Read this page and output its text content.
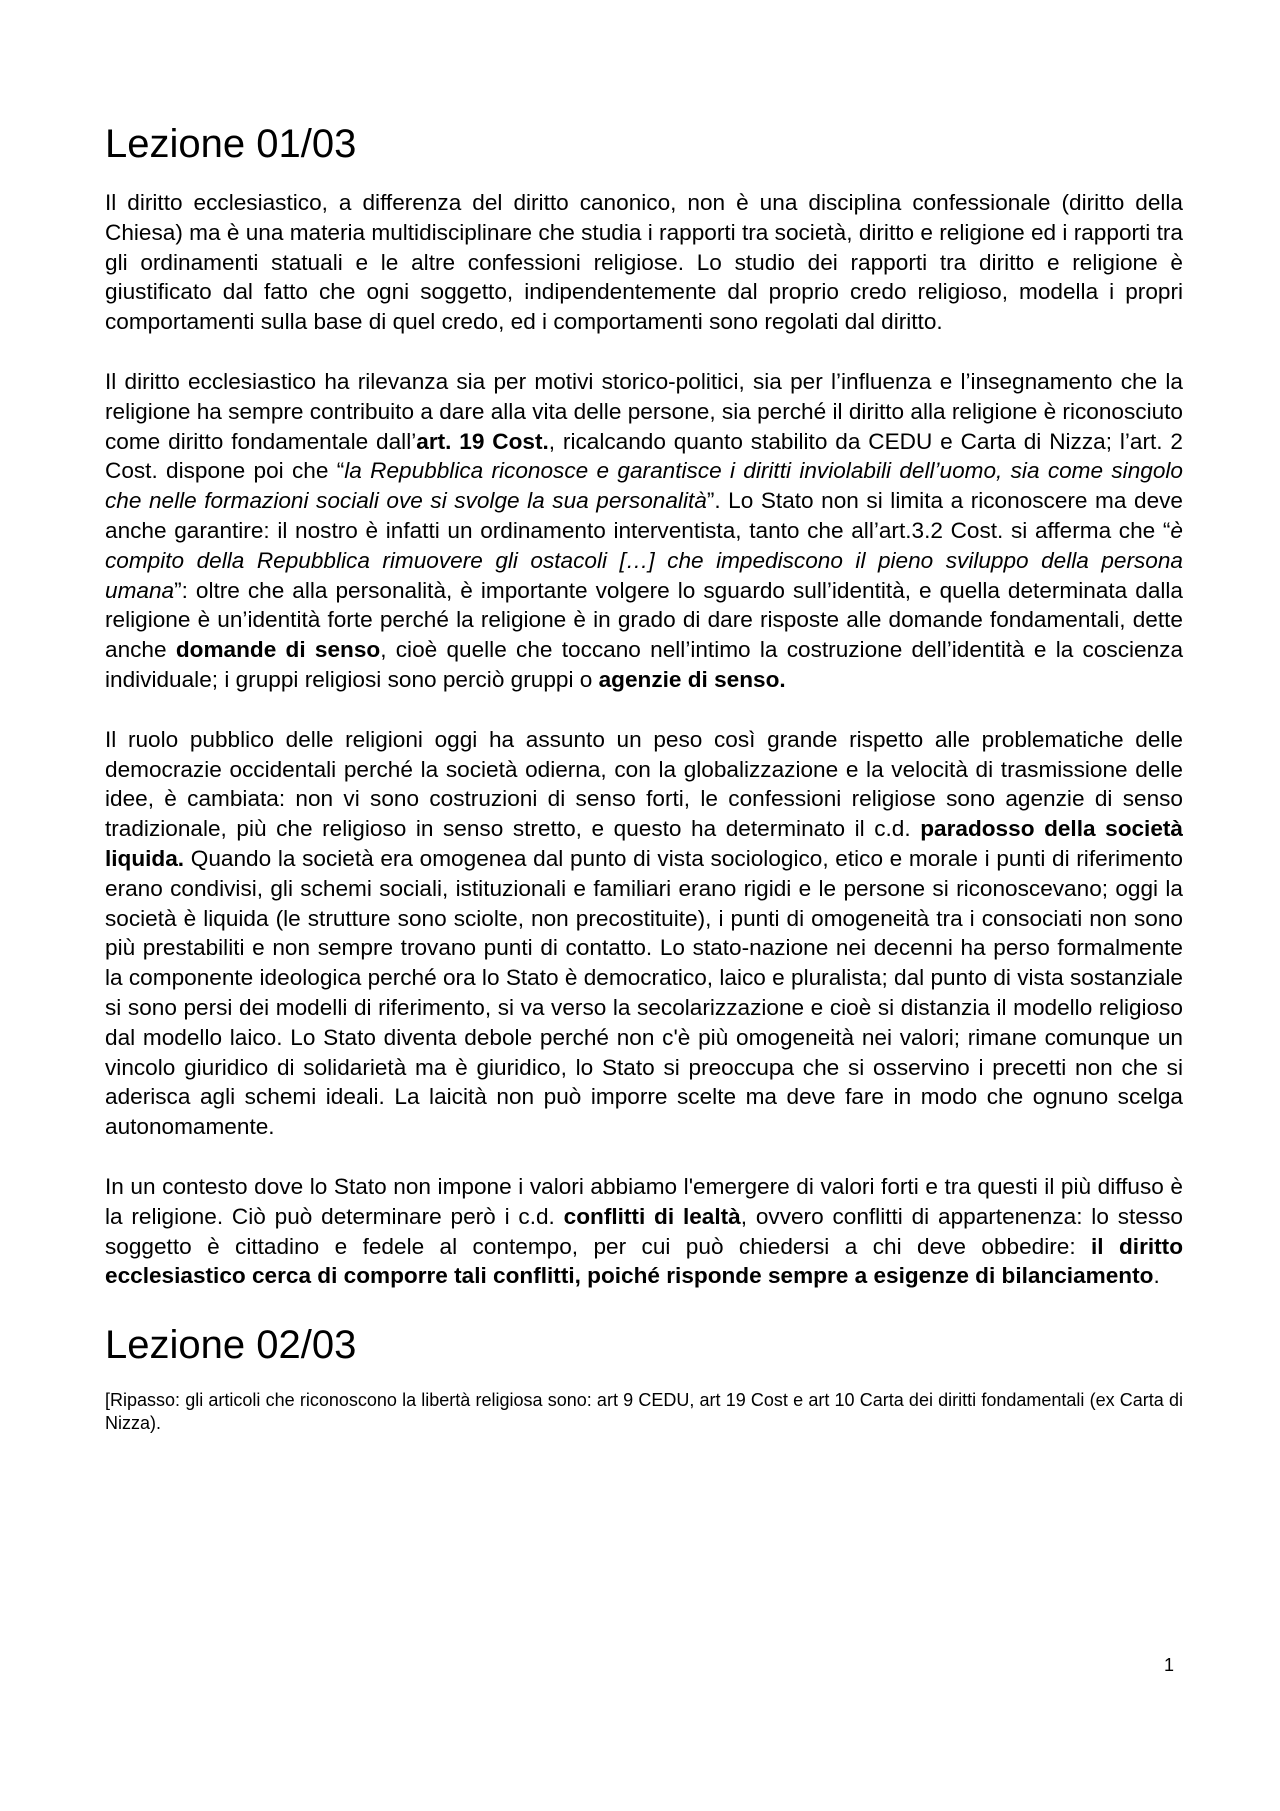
Lezione 01/03

Il diritto ecclesiastico, a differenza del diritto canonico, non è una disciplina confessionale (diritto della Chiesa) ma è una materia multidisciplinare che studia i rapporti tra società, diritto e religione ed i rapporti tra gli ordinamenti statuali e le altre confessioni religiose. Lo studio dei rapporti tra diritto e religione è giustificato dal fatto che ogni soggetto, indipendentemente dal proprio credo religioso, modella i propri comportamenti sulla base di quel credo, ed i comportamenti sono regolati dal diritto.

Il diritto ecclesiastico ha rilevanza sia per motivi storico-politici, sia per l’influenza e l’insegnamento che la religione ha sempre contribuito a dare alla vita delle persone, sia perché il diritto alla religione è riconosciuto come diritto fondamentale dall’art. 19 Cost., ricalcando quanto stabilito da CEDU e Carta di Nizza; l’art. 2 Cost. dispone poi che “la Repubblica riconosce e garantisce i diritti inviolabili dell’uomo, sia come singolo che nelle formazioni sociali ove si svolge la sua personalità”. Lo Stato non si limita a riconoscere ma deve anche garantire: il nostro è infatti un ordinamento interventista, tanto che all’art.3.2 Cost. si afferma che “è compito della Repubblica rimuovere gli ostacoli […] che impediscono il pieno sviluppo della persona umana”: oltre che alla personalità, è importante volgere lo sguardo sull’identità, e quella determinata dalla religione è un’identità forte perché la religione è in grado di dare risposte alle domande fondamentali, dette anche domande di senso, cioè quelle che toccano nell’intimo la costruzione dell’identità e la coscienza individuale; i gruppi religiosi sono perciò gruppi o agenzie di senso.

Il ruolo pubblico delle religioni oggi ha assunto un peso così grande rispetto alle problematiche delle democrazie occidentali perché la società odierna, con la globalizzazione e la velocità di trasmissione delle idee, è cambiata: non vi sono costruzioni di senso forti, le confessioni religiose sono agenzie di senso tradizionale, più che religioso in senso stretto, e questo ha determinato il c.d. paradosso della società liquida. Quando la società era omogenea dal punto di vista sociologico, etico e morale i punti di riferimento erano condivisi, gli schemi sociali, istituzionali e familiari erano rigidi e le persone si riconoscevano; oggi la società è liquida (le strutture sono sciolte, non precostituite), i punti di omogeneità tra i consociati non sono più prestabiliti e non sempre trovano punti di contatto. Lo stato-nazione nei decenni ha perso formalmente la componente ideologica perché ora lo Stato è democratico, laico e pluralista; dal punto di vista sostanziale si sono persi dei modelli di riferimento, si va verso la secolarizzazione e cioè si distanzia il modello religioso dal modello laico. Lo Stato diventa debole perché non c'è più omogeneità nei valori; rimane comunque un vincolo giuridico di solidarietà ma è giuridico, lo Stato si preoccupa che si osservino i precetti non che si aderisca agli schemi ideali. La laicità non può imporre scelte ma deve fare in modo che ognuno scelga autonomamente.

In un contesto dove lo Stato non impone i valori abbiamo l'emergere di valori forti e tra questi il più diffuso è la religione. Ciò può determinare però i c.d. conflitti di lealtà, ovvero conflitti di appartenenza: lo stesso soggetto è cittadino e fedele al contempo, per cui può chiedersi a chi deve obbedire: il diritto ecclesiastico cerca di comporre tali conflitti, poiché risponde sempre a esigenze di bilanciamento.

Lezione 02/03

[Ripasso: gli articoli che riconoscono la libertà religiosa sono: art 9 CEDU, art 19 Cost e art 10 Carta dei diritti fondamentali (ex Carta di Nizza).

1
